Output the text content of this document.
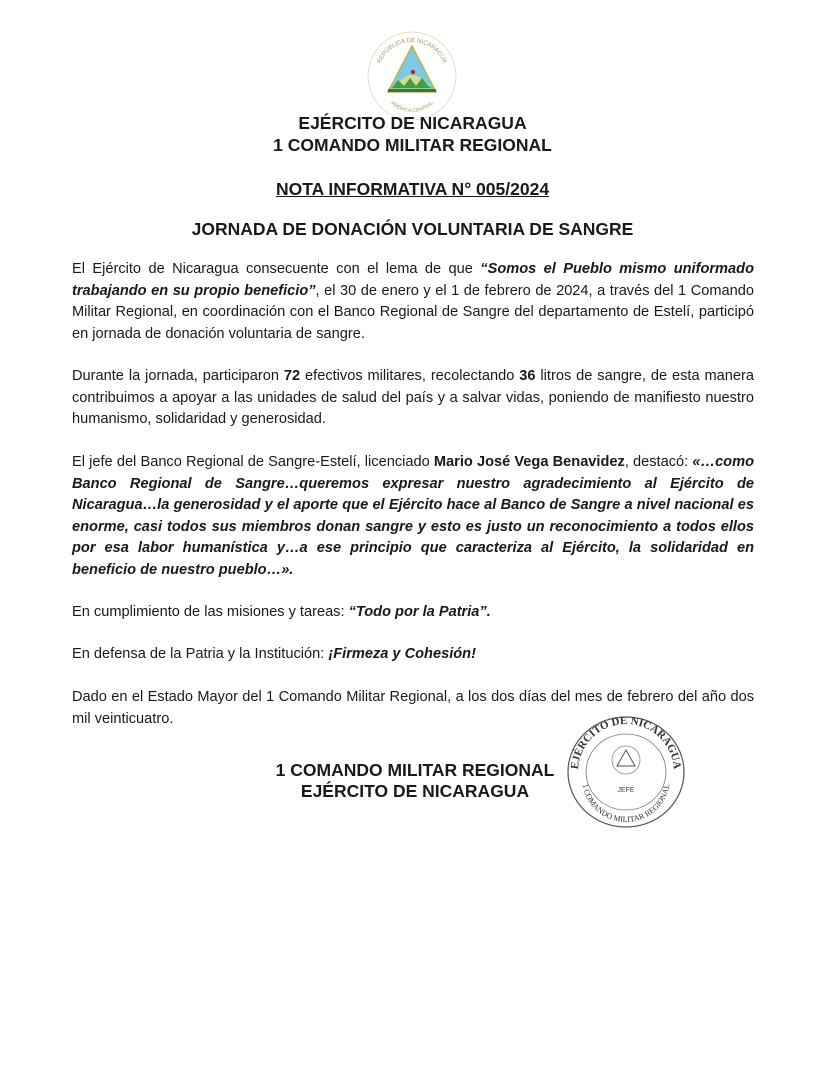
REPÚBLICA DE NICARAGUA
AMÉRICA CENTRAL
EJÉRCITO DE NICARAGUA
1 COMANDO MILITAR REGIONAL
NOTA INFORMATIVA N° 005/2024
JORNADA DE DONACIÓN VOLUNTARIA DE SANGRE
El Ejército de Nicaragua consecuente con el lema de que “Somos el Pueblo mismo uniformado trabajando en su propio beneficio”, el 30 de enero y el 1 de febrero de 2024, a través del 1 Comando Militar Regional, en coordinación con el Banco Regional de Sangre del departamento de Estelí, participó en jornada de donación voluntaria de sangre.
Durante la jornada, participaron 72 efectivos militares, recolectando 36 litros de sangre, de esta manera contribuimos a apoyar a las unidades de salud del país y a salvar vidas, poniendo de manifiesto nuestro humanismo, solidaridad y generosidad.
El jefe del Banco Regional de Sangre-Estelí, licenciado Mario José Vega Benavidez, destacó: «…como Banco Regional de Sangre…queremos expresar nuestro agradecimiento al Ejército de Nicaragua…la generosidad y el aporte que el Ejército hace al Banco de Sangre a nivel nacional es enorme, casi todos sus miembros donan sangre y esto es justo un reconocimiento a todos ellos por esa labor humanística y…a ese principio que caracteriza al Ejército, la solidaridad en beneficio de nuestro pueblo…».
En cumplimiento de las misiones y tareas: “Todo por la Patria”.
En defensa de la Patria y la Institución: ¡Firmeza y Cohesión!
Dado en el Estado Mayor del 1 Comando Militar Regional, a los dos días del mes de febrero del año dos mil veinticuatro.
1 COMANDO MILITAR REGIONAL
EJÉRCITO DE NICARAGUA
EJÉRCITO DE NICARAGUA
1 COMANDO MILITAR REGIONAL
JEFE
